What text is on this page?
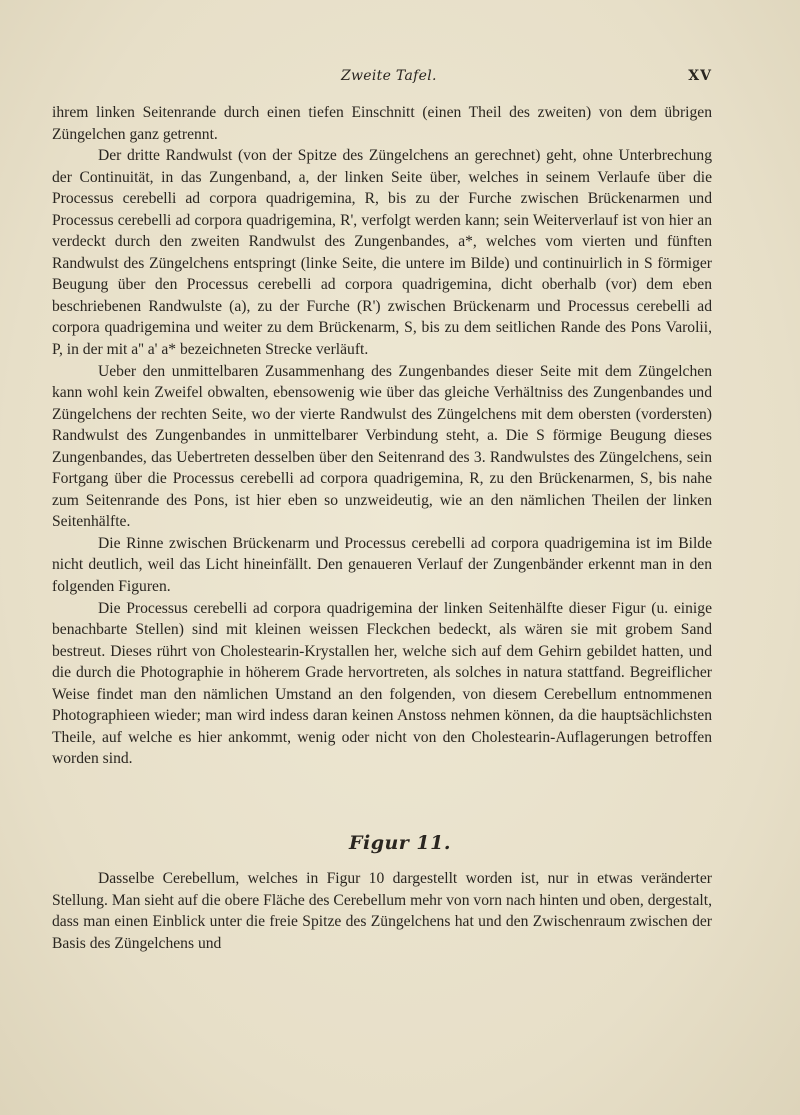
Zweite Tafel.	XV

ihrem linken Seitenrande durch einen tiefen Einschnitt (einen Theil des zweiten) von dem übrigen Züngelchen ganz getrennt.

Der dritte Randwulst (von der Spitze des Züngelchens an gerechnet) geht, ohne Unterbrechung der Continuität, in das Zungenband, a, der linken Seite über, welches in seinem Verlaufe über die Processus cerebelli ad corpora quadrigemina, R, bis zu der Furche zwischen Brückenarmen und Processus cerebelli ad corpora quadrigemina, R', verfolgt werden kann; sein Weiterverlauf ist von hier an verdeckt durch den zweiten Randwulst des Zungenbandes, a*, welches vom vierten und fünften Randwulst des Züngelchens entspringt (linke Seite, die untere im Bilde) und continuirlich in S förmiger Beugung über den Processus cerebelli ad corpora quadrigemina, dicht oberhalb (vor) dem eben beschriebenen Randwulste (a), zu der Furche (R') zwischen Brückenarm und Processus cerebelli ad corpora quadrigemina und weiter zu dem Brückenarm, S, bis zu dem seitlichen Rande des Pons Varolii, P, in der mit a'' a' a* bezeichneten Strecke verläuft.

Ueber den unmittelbaren Zusammenhang des Zungenbandes dieser Seite mit dem Züngelchen kann wohl kein Zweifel obwalten, ebensowenig wie über das gleiche Verhältniss des Zungenbandes und Züngelchens der rechten Seite, wo der vierte Randwulst des Züngelchens mit dem obersten (vordersten) Randwulst des Zungenbandes in unmittelbarer Verbindung steht, a. Die S förmige Beugung dieses Zungenbandes, das Uebertreten desselben über den Seitenrand des 3. Randwulstes des Züngelchens, sein Fortgang über die Processus cerebelli ad corpora quadrigemina, R, zu den Brückenarmen, S, bis nahe zum Seitenrande des Pons, ist hier eben so unzweideutig, wie an den nämlichen Theilen der linken Seitenhälfte.

Die Rinne zwischen Brückenarm und Processus cerebelli ad corpora quadrigemina ist im Bilde nicht deutlich, weil das Licht hineinfällt. Den genaueren Verlauf der Zungenbänder erkennt man in den folgenden Figuren.

Die Processus cerebelli ad corpora quadrigemina der linken Seitenhälfte dieser Figur (u. einige benachbarte Stellen) sind mit kleinen weissen Fleckchen bedeckt, als wären sie mit grobem Sand bestreut. Dieses rührt von Cholestearin-Krystallen her, welche sich auf dem Gehirn gebildet hatten, und die durch die Photographie in höherem Grade hervortreten, als solches in natura stattfand. Begreiflicher Weise findet man den nämlichen Umstand an den folgenden, von diesem Cerebellum entnommenen Photographieen wieder; man wird indess daran keinen Anstoss nehmen können, da die hauptsächlichsten Theile, auf welche es hier ankommt, wenig oder nicht von den Cholestearin-Auflagerungen betroffen worden sind.

Figur 11.

Dasselbe Cerebellum, welches in Figur 10 dargestellt worden ist, nur in etwas veränderter Stellung. Man sieht auf die obere Fläche des Cerebellum mehr von vorn nach hinten und oben, dergestalt, dass man einen Einblick unter die freie Spitze des Züngelchens hat und den Zwischenraum zwischen der Basis des Züngelchens und
